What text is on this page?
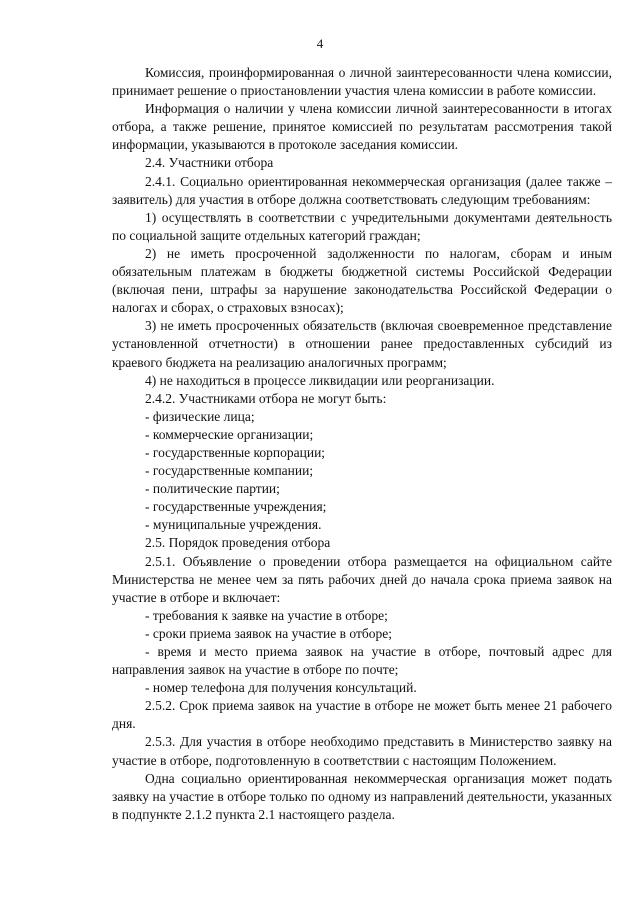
4

Комиссия, проинформированная о личной заинтересованности члена комиссии, принимает решение о приостановлении участия члена комиссии в работе комиссии.

Информация о наличии у члена комиссии личной заинтересованности в итогах отбора, а также решение, принятое комиссией по результатам рассмотрения такой информации, указываются в протоколе заседания комиссии.

2.4. Участники отбора

2.4.1. Социально ориентированная некоммерческая организация (далее также – заявитель) для участия в отборе должна соответствовать следующим требованиям:

1) осуществлять в соответствии с учредительными документами деятельность по социальной защите отдельных категорий граждан;

2) не иметь просроченной задолженности по налогам, сборам и иным обязательным платежам в бюджеты бюджетной системы Российской Федерации (включая пени, штрафы за нарушение законодательства Российской Федерации о налогах и сборах, о страховых взносах);

3) не иметь просроченных обязательств (включая своевременное представление установленной отчетности) в отношении ранее предоставленных субсидий из краевого бюджета на реализацию аналогичных программ;

4) не находиться в процессе ликвидации или реорганизации.

2.4.2. Участниками отбора не могут быть:

- физические лица;

- коммерческие организации;

- государственные корпорации;

- государственные компании;

- политические партии;

- государственные учреждения;

- муниципальные учреждения.

2.5. Порядок проведения отбора

2.5.1. Объявление о проведении отбора размещается на официальном сайте Министерства не менее чем за пять рабочих дней до начала срока приема заявок на участие в отборе и включает:

- требования к заявке на участие в отборе;

- сроки приема заявок на участие в отборе;

- время и место приема заявок на участие в отборе, почтовый адрес для направления заявок на участие в отборе по почте;

- номер телефона для получения консультаций.

2.5.2. Срок приема заявок на участие в отборе не может быть менее 21 рабочего дня.

2.5.3. Для участия в отборе необходимо представить в Министерство заявку на участие в отборе, подготовленную в соответствии с настоящим Положением.

Одна социально ориентированная некоммерческая организация может подать заявку на участие в отборе только по одному из направлений деятельности, указанных в подпункте 2.1.2 пункта 2.1 настоящего раздела.
